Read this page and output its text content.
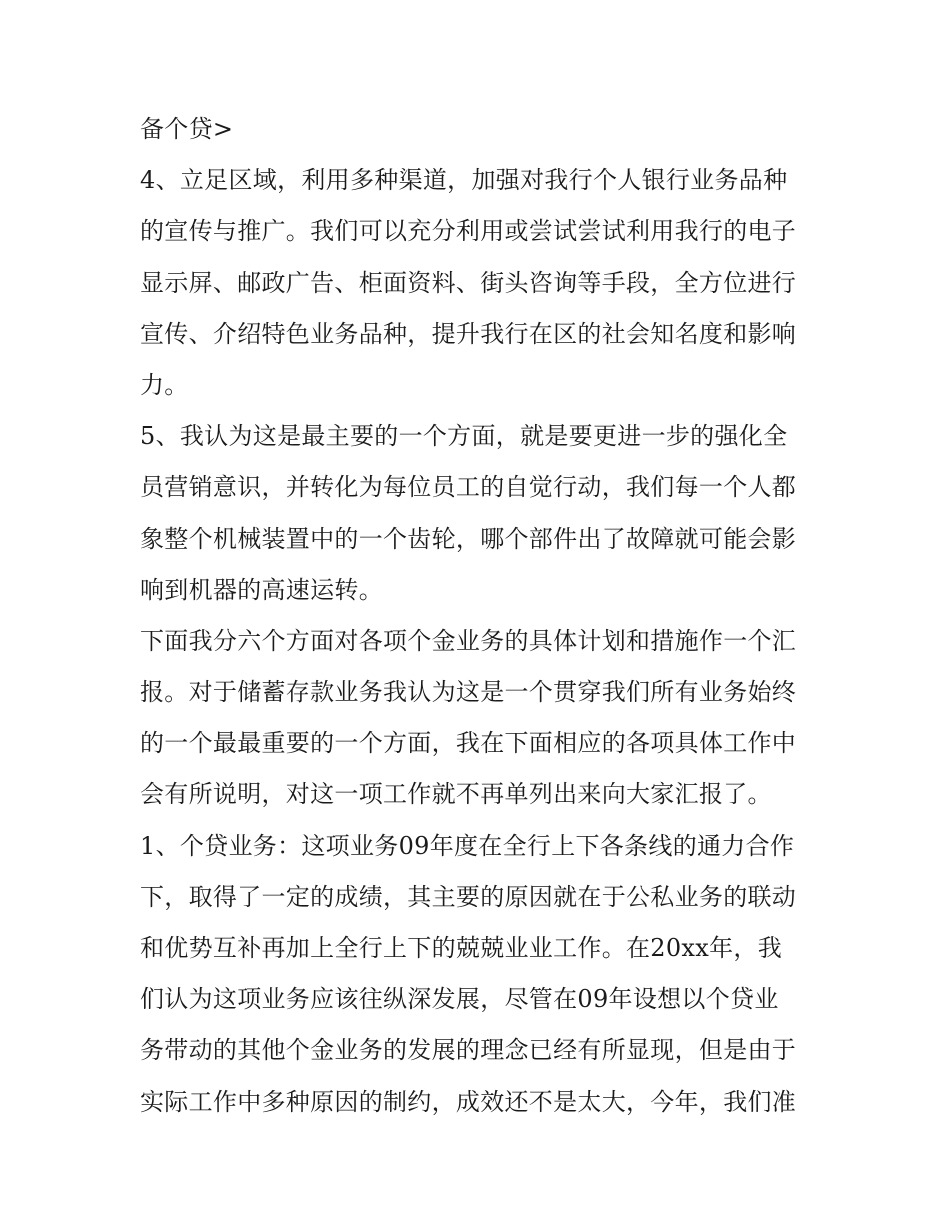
备个贷>
4、立足区域，利用多种渠道，加强对我行个人银行业务品种
的宣传与推广。我们可以充分利用或尝试尝试利用我行的电子
显示屏、邮政广告、柜面资料、街头咨询等手段，全方位进行
宣传、介绍特色业务品种，提升我行在区的社会知名度和影响
力。
5、我认为这是最主要的一个方面，就是要更进一步的强化全
员营销意识，并转化为每位员工的自觉行动，我们每一个人都
象整个机械装置中的一个齿轮，哪个部件出了故障就可能会影
响到机器的高速运转。
下面我分六个方面对各项个金业务的具体计划和措施作一个汇
报。对于储蓄存款业务我认为这是一个贯穿我们所有业务始终
的一个最最重要的一个方面，我在下面相应的各项具体工作中
会有所说明，对这一项工作就不再单列出来向大家汇报了。
1、个贷业务：这项业务09年度在全行上下各条线的通力合作
下，取得了一定的成绩，其主要的原因就在于公私业务的联动
和优势互补再加上全行上下的兢兢业业工作。在20xx年，我
们认为这项业务应该往纵深发展，尽管在09年设想以个贷业
务带动的其他个金业务的发展的理念已经有所显现，但是由于
实际工作中多种原因的制约，成效还不是太大，今年，我们准
